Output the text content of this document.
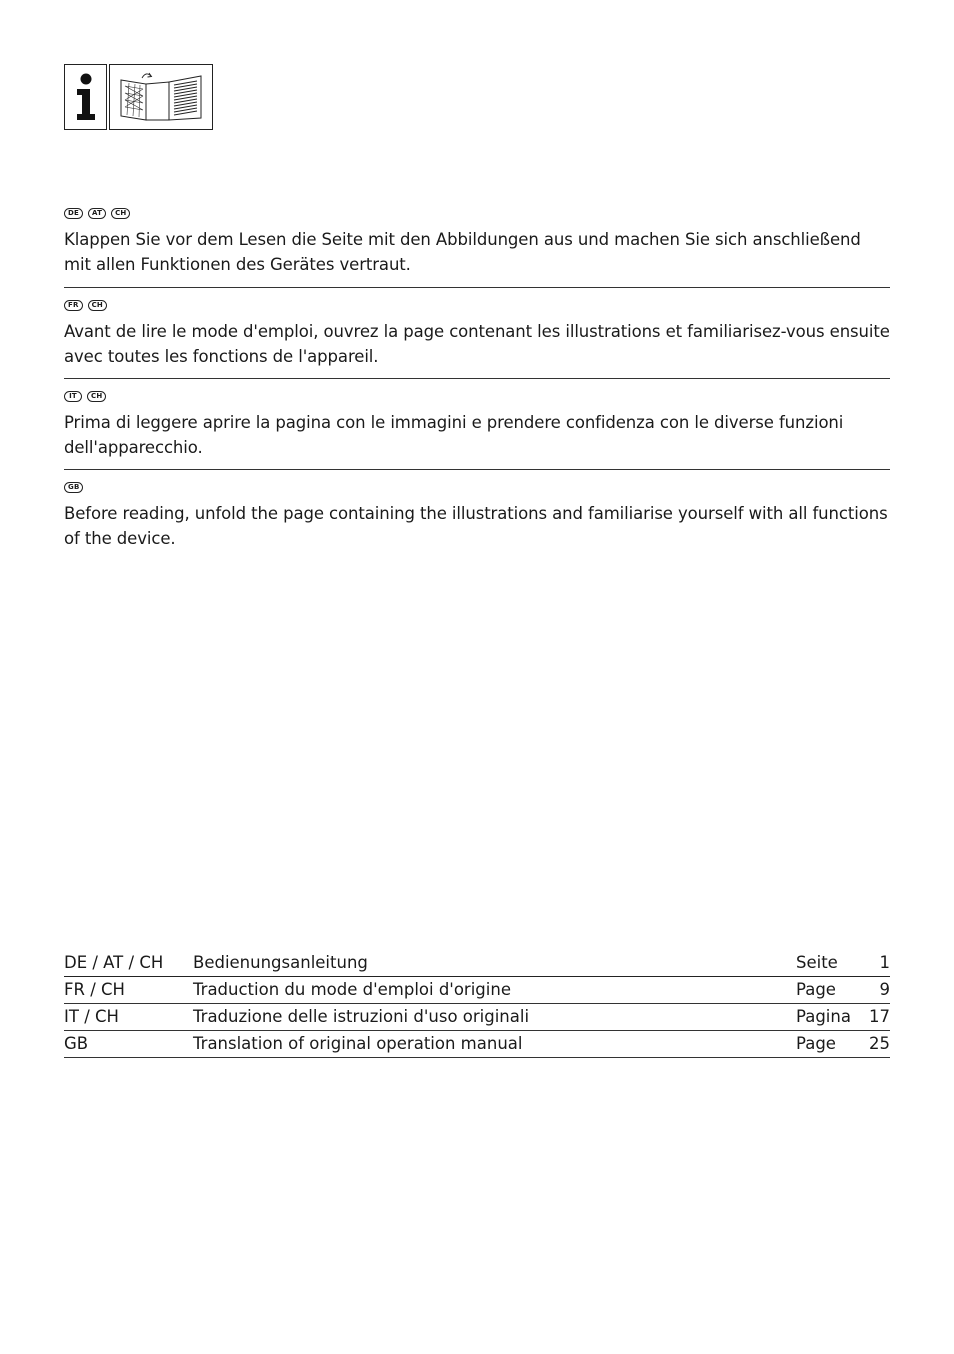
DE	AT	CH

Klappen Sie vor dem Lesen die Seite mit den Abbildungen aus und machen Sie sich anschließend mit allen Funktionen des Gerätes vertraut.

FR	CH

Avant de lire le mode d'emploi, ouvrez la page contenant les illustrations et familiarisez-vous ensuite avec toutes les fonctions de l'appareil.

IT	CH

Prima di leggere aprire la pagina con le immagini e prendere confidenza con le diverse funzioni dell'apparecchio.

GB

Before reading, unfold the page containing the illustrations and familiarise yourself with all functions of the device.

DE / AT / CH	Bedienungsanleitung	Seite	1
FR / CH	Traduction du mode d'emploi d'origine	Page	9
IT / CH	Traduzione delle istruzioni d'uso originali	Pagina	17
GB	Translation of original operation manual	Page	25
